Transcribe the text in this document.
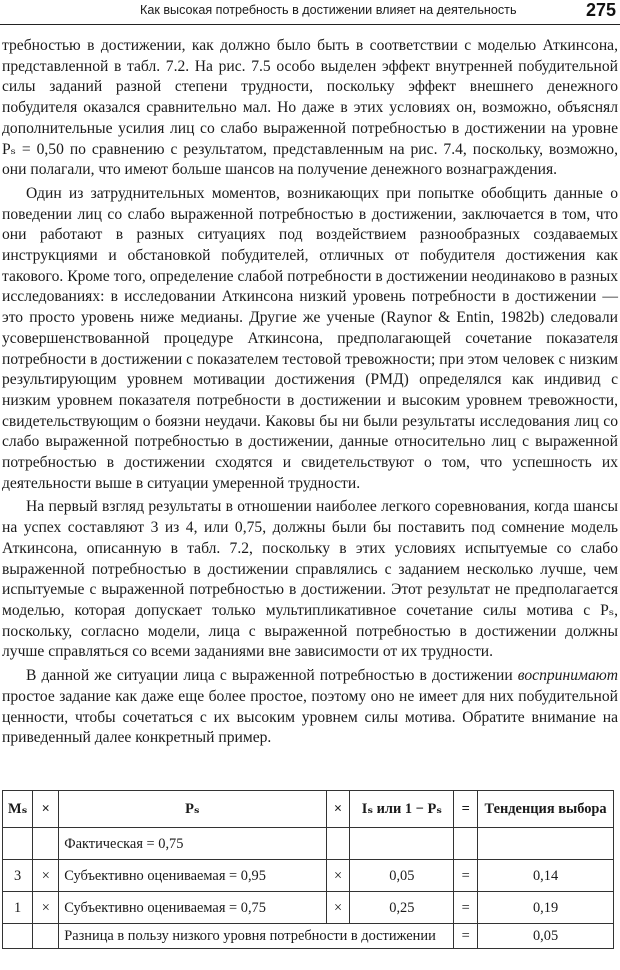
Как высокая потребность в достижении влияет на деятельность	275

требностью в достижении, как должно было быть в соответствии с моделью Аткинсона, представленной в табл. 7.2. На рис. 7.5 особо выделен эффект внутренней побудительной силы заданий разной степени трудности, поскольку эффект внешнего денежного побудителя оказался сравнительно мал. Но даже в этих условиях он, возможно, объяснял дополнительные усилия лиц со слабо выраженной потребностью в достижении на уровне Pₛ = 0,50 по сравнению с результатом, представленным на рис. 7.4, поскольку, возможно, они полагали, что имеют больше шансов на получение денежного вознаграждения.

Один из затруднительных моментов, возникающих при попытке обобщить данные о поведении лиц со слабо выраженной потребностью в достижении, заключается в том, что они работают в разных ситуациях под воздействием разнообразных создаваемых инструкциями и обстановкой побудителей, отличных от побудителя достижения как такового. Кроме того, определение слабой потребности в достижении неодинаково в разных исследованиях: в исследовании Аткинсона низкий уровень потребности в достижении — это просто уровень ниже медианы. Другие же ученые (Raynor & Entin, 1982b) следовали усовершенствованной процедуре Аткинсона, предполагающей сочетание показателя потребности в достижении с показателем тестовой тревожности; при этом человек с низким результирующим уровнем мотивации достижения (РМД) определялся как индивид с низким уровнем показателя потребности в достижении и высоким уровнем тревожности, свидетельствующим о боязни неудачи. Каковы бы ни были результаты исследования лиц со слабо выраженной потребностью в достижении, данные относительно лиц с выраженной потребностью в достижении сходятся и свидетельствуют о том, что успешность их деятельности выше в ситуации умеренной трудности.

На первый взгляд результаты в отношении наиболее легкого соревнования, когда шансы на успех составляют 3 из 4, или 0,75, должны были бы поставить под сомнение модель Аткинсона, описанную в табл. 7.2, поскольку в этих условиях испытуемые со слабо выраженной потребностью в достижении справлялись с заданием несколько лучше, чем испытуемые с выраженной потребностью в достижении. Этот результат не предполагается моделью, которая допускает только мультипликативное сочетание силы мотива с Pₛ, поскольку, согласно модели, лица с выраженной потребностью в достижении должны лучше справляться со всеми заданиями вне зависимости от их трудности.

В данной же ситуации лица с выраженной потребностью в достижении воспринимают простое задание как даже еще более простое, поэтому оно не имеет для них побудительной ценности, чтобы сочетаться с их высоким уровнем силы мотива. Обратите внимание на приведенный далее конкретный пример.

Mₛ	×	Pₛ	×	Iₛ или 1 − Pₛ	=	Тенденция выбора
		Фактическая = 0,75				
3	×	Субъективно оцениваемая = 0,95	×	0,05	=	0,14
1	×	Субъективно оцениваемая = 0,75	×	0,25	=	0,19
		Разница в пользу низкого уровня потребности в достижении			=	0,05
